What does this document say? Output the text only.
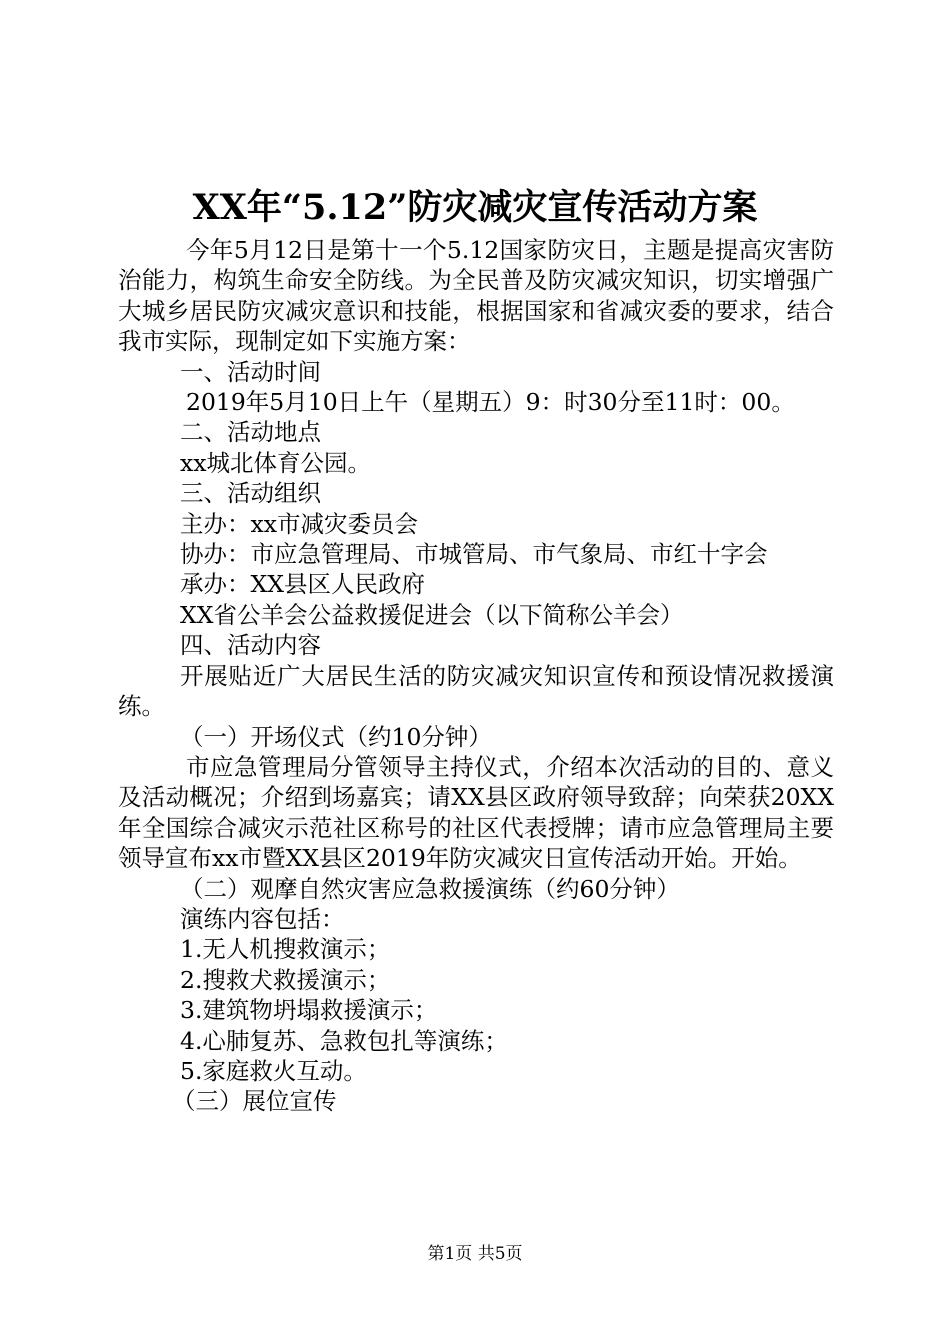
XX年“5.12”防灾减灾宣传活动方案

今年5月12日是第十一个5.12国家防灾日，主题是提高灾害防治能力，构筑生命安全防线。为全民普及防灾减灾知识，切实增强广大城乡居民防灾减灾意识和技能，根据国家和省减灾委的要求，结合我市实际，现制定如下实施方案：

一、活动时间

2019年5月10日上午（星期五）9：时30分至11时：00。

二、活动地点

xx城北体育公园。

三、活动组织

主办：xx市减灾委员会

协办：市应急管理局、市城管局、市气象局、市红十字会

承办：XX县区人民政府

XX省公羊会公益救援促进会（以下简称公羊会）

四、活动内容

开展贴近广大居民生活的防灾减灾知识宣传和预设情况救援演练。

（一）开场仪式（约10分钟）

市应急管理局分管领导主持仪式，介绍本次活动的目的、意义及活动概况；介绍到场嘉宾；请XX县区政府领导致辞；向荣获20XX年全国综合减灾示范社区称号的社区代表授牌；请市应急管理局主要领导宣布xx市暨XX县区2019年防灾减灾日宣传活动开始。开始。

（二）观摩自然灾害应急救援演练（约60分钟）

演练内容包括：

1.无人机搜救演示；

2.搜救犬救援演示；

3.建筑物坍塌救援演示；

4.心肺复苏、急救包扎等演练；

5.家庭救火互动。

（三）展位宣传

第1页 共5页
